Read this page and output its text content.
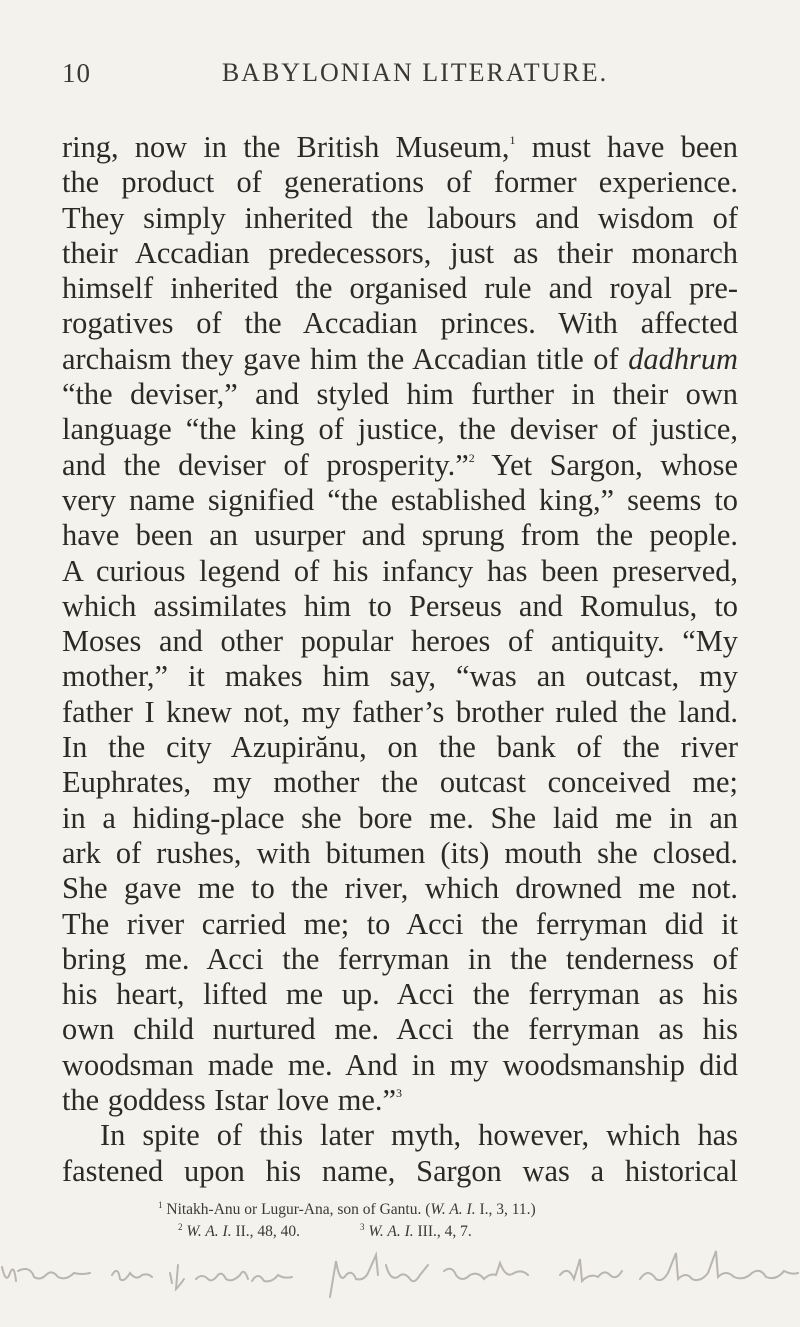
10	BABYLONIAN LITERATURE.
ring, now in the British Museum,$^1$ must have been
the product of generations of former experience.
They simply inherited the labours and wisdom of
their Accadian predecessors, just as their monarch
himself inherited the organised rule and royal pre-
rogatives of the Accadian princes. With affected
archaism they gave him the Accadian title of dadhrum
“the deviser,” and styled him further in their own
language “the king of justice, the deviser of justice,
and the deviser of prosperity.”$^2$ Yet Sargon, whose
very name signified “the established king,” seems to
have been an usurper and sprung from the people.
A curious legend of his infancy has been preserved,
which assimilates him to Perseus and Romulus, to
Moses and other popular heroes of antiquity. “My
mother,” it makes him say, “was an outcast, my
father I knew not, my father’s brother ruled the land.
In the city Azupirănu, on the bank of the river
Euphrates, my mother the outcast conceived me;
in a hiding-place she bore me. She laid me in an
ark of rushes, with bitumen (its) mouth she closed.
She gave me to the river, which drowned me not.
The river carried me; to Acci the ferryman did it
bring me. Acci the ferryman in the tenderness of
his heart, lifted me up. Acci the ferryman as his
own child nurtured me. Acci the ferryman as his
woodsman made me. And in my woodsmanship did
the goddess Istar love me.”$^3$
In spite of this later myth, however, which has
fastened upon his name, Sargon was a historical
$^1$ Nitakh-Anu or Lugur-Ana, son of Gantu. (W. A. I. I., 3, 11.)
$^2$ W. A. I. II., 48, 40.	$^3$ W. A. I. III., 4, 7.
